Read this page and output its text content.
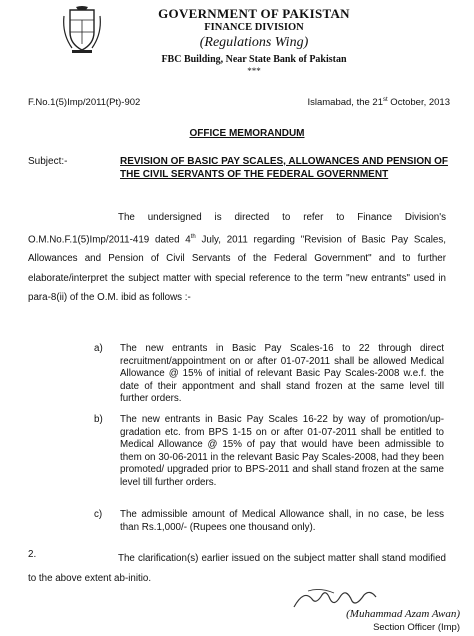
GOVERNMENT OF PAKISTAN
FINANCE DIVISION
(Regulations Wing)
FBC Building, Near State Bank of Pakistan
***
F.No.1(5)Imp/2011(Pt)-902	Islamabad, the 21st October, 2013
OFFICE MEMORANDUM
Subject:-	REVISION OF BASIC PAY SCALES, ALLOWANCES AND PENSION OF THE CIVIL SERVANTS OF THE FEDERAL GOVERNMENT
The undersigned is directed to refer to Finance Division's O.M.No.F.1(5)Imp/2011-419 dated 4th July, 2011 regarding "Revision of Basic Pay Scales, Allowances and Pension of Civil Servants of the Federal Government" and to further elaborate/interpret the subject matter with special reference to the term "new entrants" used in para-8(ii) of the O.M. ibid as follows :-
a) The new entrants in Basic Pay Scales-16 to 22 through direct recruitment/appointment on or after 01-07-2011 shall be allowed Medical Allowance @ 15% of initial of relevant Basic Pay Scales-2008 w.e.f. the date of their appontment and shall stand frozen at the same level till further orders.
b) The new entrants in Basic Pay Scales 16-22 by way of promotion/up-gradation etc. from BPS 1-15 on or after 01-07-2011 shall be entitled to Medical Allowance @ 15% of pay that would have been admissible to them on 30-06-2011 in the relevant Basic Pay Scales-2008, had they been promoted/ upgraded prior to BPS-2011 and shall stand frozen at the same level till further orders.
c) The admissible amount of Medical Allowance shall, in no case, be less than Rs.1,000/- (Rupees one thousand only).
2.	The clarification(s) earlier issued on the subject matter shall stand modified to the above extent ab-initio.
(Muhammad Azam Awan)
Section Officer (Imp)
